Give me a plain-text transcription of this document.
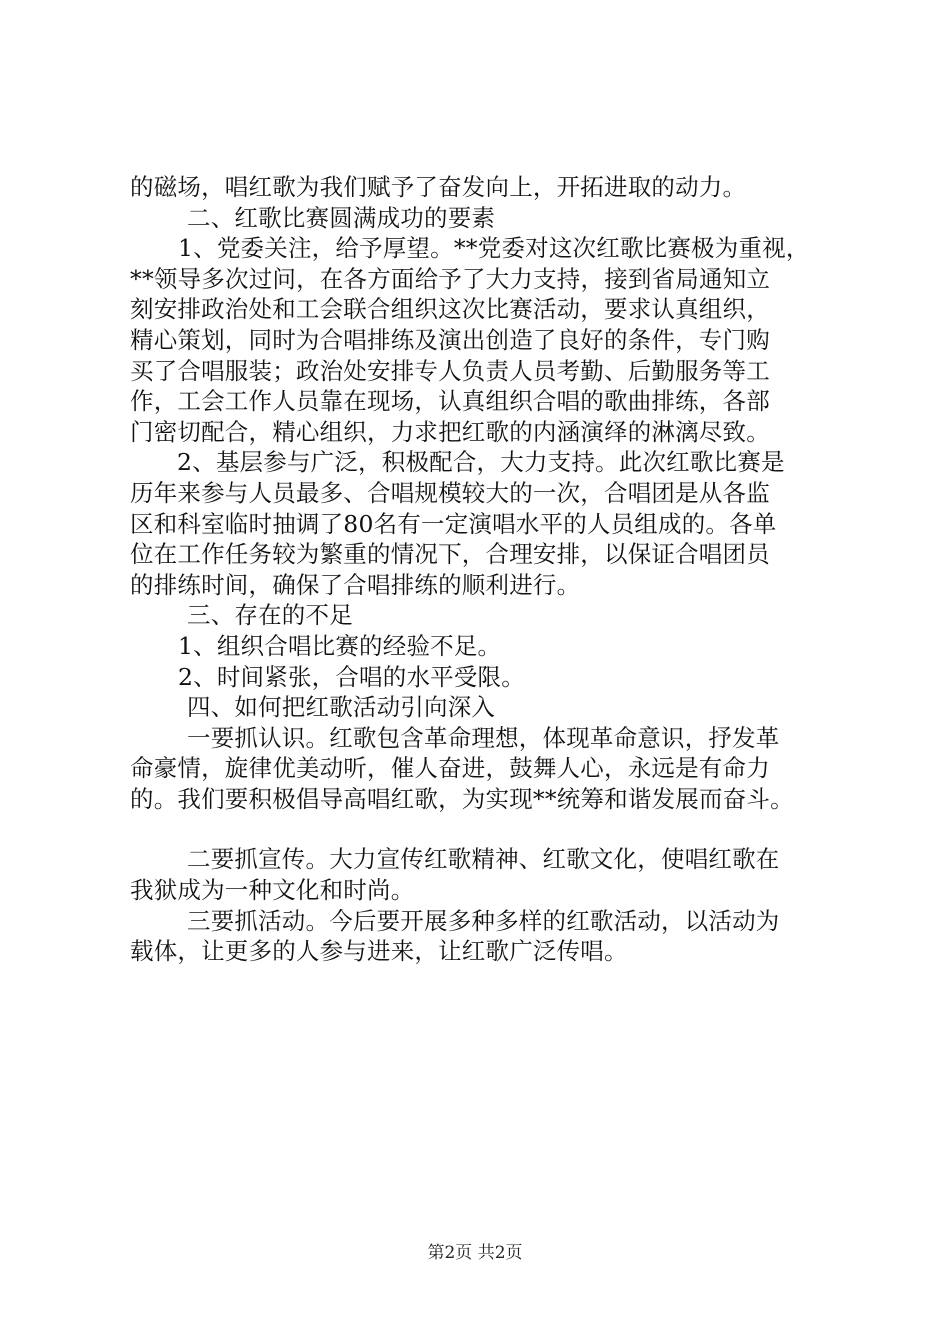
的磁场，唱红歌为我们赋予了奋发向上，开拓进取的动力。

二、红歌比赛圆满成功的要素

1、党委关注，给予厚望。**党委对这次红歌比赛极为重视，

**领导多次过问，在各方面给予了大力支持，接到省局通知立

刻安排政治处和工会联合组织这次比赛活动，要求认真组织，

精心策划，同时为合唱排练及演出创造了良好的条件，专门购

买了合唱服装；政治处安排专人负责人员考勤、后勤服务等工

作，工会工作人员靠在现场，认真组织合唱的歌曲排练，各部

门密切配合，精心组织，力求把红歌的内涵演绎的淋漓尽致。

2、基层参与广泛，积极配合，大力支持。此次红歌比赛是

历年来参与人员最多、合唱规模较大的一次，合唱团是从各监

区和科室临时抽调了80名有一定演唱水平的人员组成的。各单

位在工作任务较为繁重的情况下，合理安排，以保证合唱团员

的排练时间，确保了合唱排练的顺利进行。

三、存在的不足

1、组织合唱比赛的经验不足。

2、时间紧张，合唱的水平受限。

四、如何把红歌活动引向深入

一要抓认识。红歌包含革命理想，体现革命意识，抒发革

命豪情，旋律优美动听，催人奋进，鼓舞人心，永远是有命力

的。我们要积极倡导高唱红歌，为实现**统筹和谐发展而奋斗。

二要抓宣传。大力宣传红歌精神、红歌文化，使唱红歌在

我狱成为一种文化和时尚。

三要抓活动。今后要开展多种多样的红歌活动，以活动为

载体，让更多的人参与进来，让红歌广泛传唱。

第2页 共2页
